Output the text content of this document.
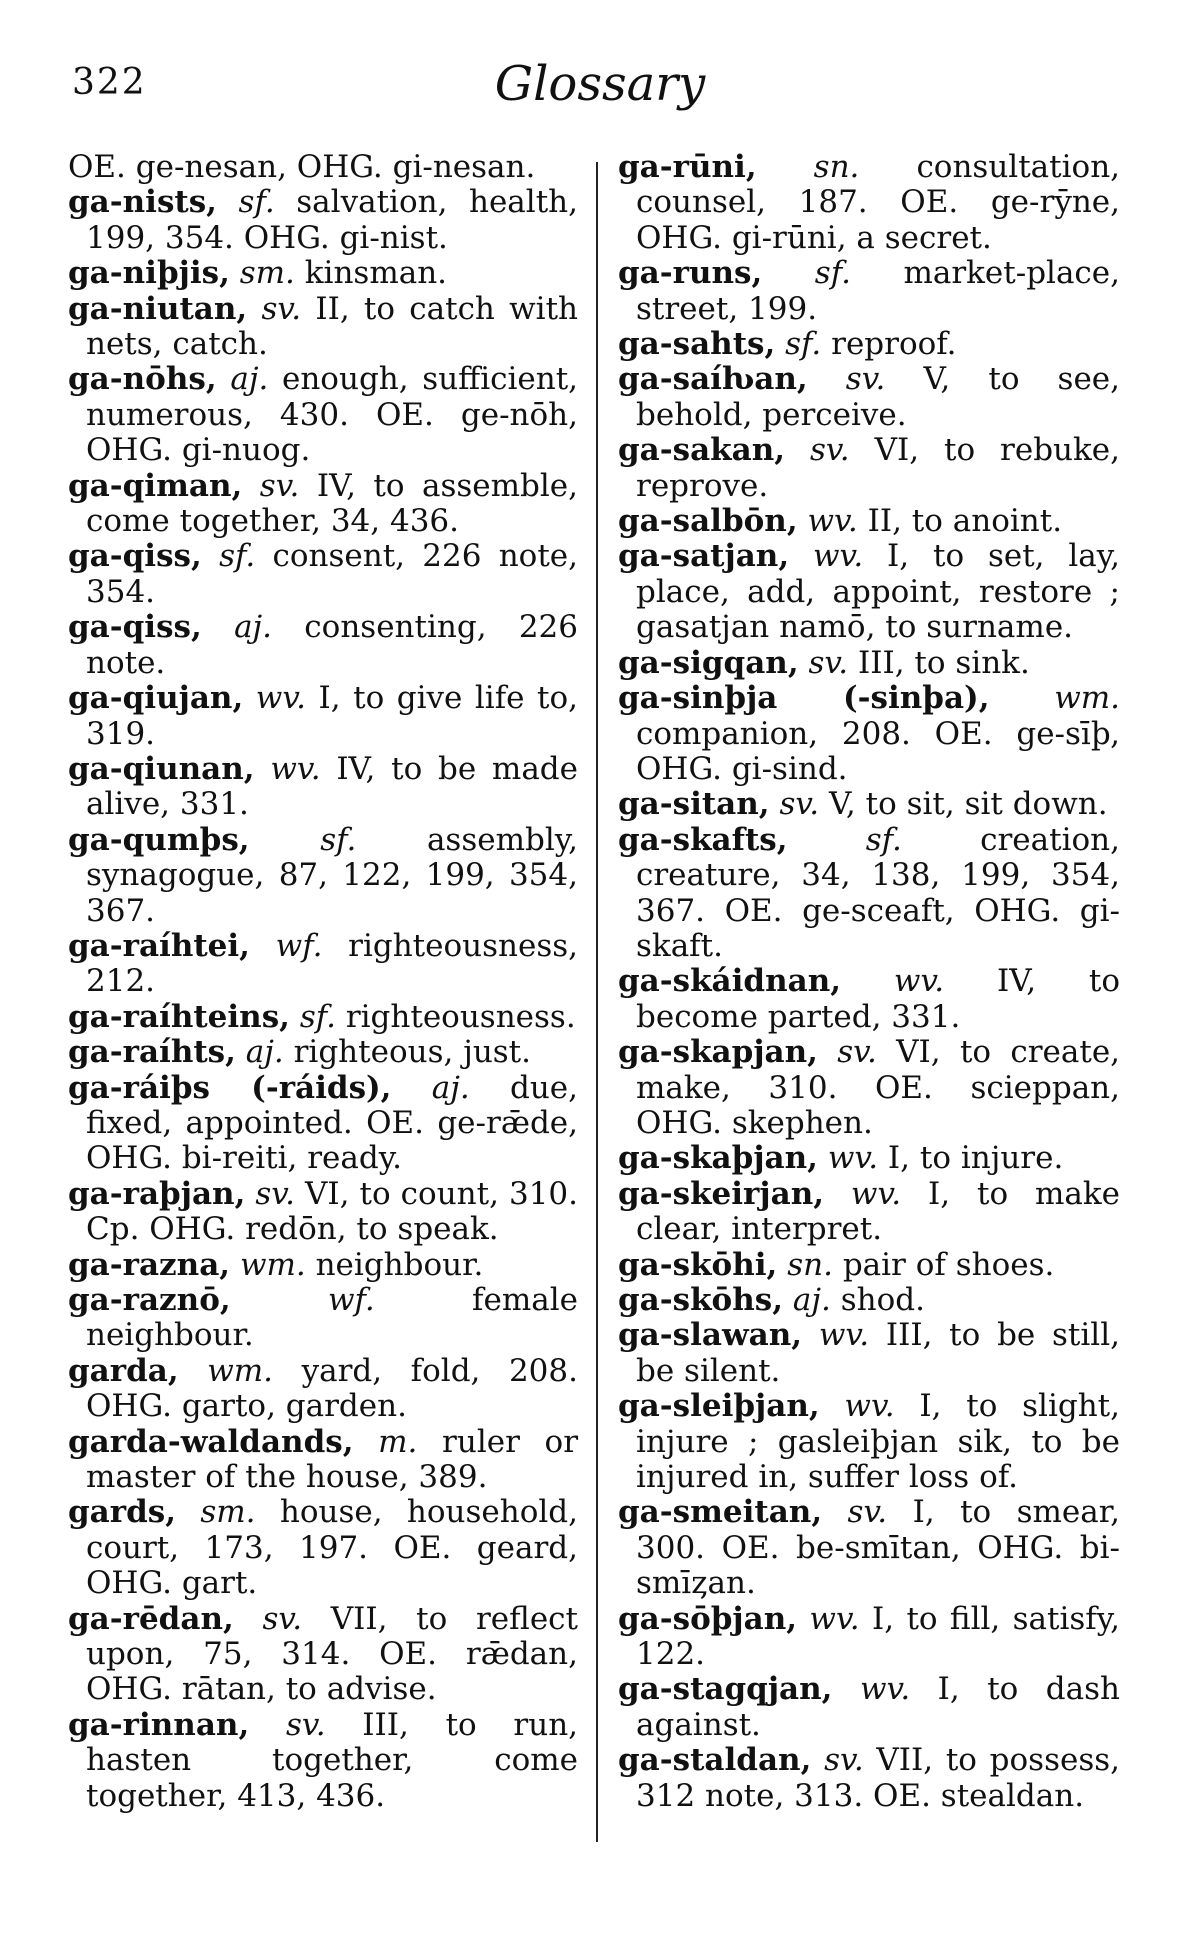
322	Glossary
OE. ge-nesan, OHG. gi-nesan.
ga-nists, sf. salvation, health, 199, 354. OHG. gi-nist.
ga-niþjis, sm. kinsman.
ga-niutan, sv. II, to catch with nets, catch.
ga-nōhs, aj. enough, sufficient, numerous, 430. OE. ge-nōh, OHG. gi-nuog.
ga-qiman, sv. IV, to assemble, come together, 34, 436.
ga-qiss, sf. consent, 226 note, 354.
ga-qiss, aj. consenting, 226 note.
ga-qiujan, wv. I, to give life to, 319.
ga-qiunan, wv. IV, to be made alive, 331.
ga-qumþs, sf. assembly, synagogue, 87, 122, 199, 354, 367.
ga-raíhtei, wf. righteousness, 212.
ga-raíhteins, sf. righteousness.
ga-raíhts, aj. righteous, just.
ga-ráiþs (-ráids), aj. due, fixed, appointed. OE. ge-rǣde, OHG. bi-reiti, ready.
ga-raþjan, sv. VI, to count, 310. Cp. OHG. redōn, to speak.
ga-razna, wm. neighbour.
ga-raznō,	wf.	female neighbour.
garda, wm. yard, fold, 208. OHG. garto, garden.
garda-waldands, m. ruler or master of the house, 389.
gards, sm. house, household, court, 173, 197. OE. geard, OHG. gart.
ga-rēdan, sv. VII, to reflect upon, 75, 314. OE. rǣdan, OHG. rātan, to advise.
ga-rinnan, sv. III, to run, hasten together, come together, 413, 436.
ga-rūni, sn. consultation, counsel, 187. OE. ge-rȳne, OHG. gi-rūni, a secret.
ga-runs, sf. market-place, street, 199.
ga-sahts, sf. reproof.
ga-saíƕan, sv. V, to see, behold, perceive.
ga-sakan, sv. VI, to rebuke, reprove.
ga-salbōn, wv. II, to anoint.
ga-satjan, wv. I, to set, lay, place, add, appoint, restore ; gasatjan namō, to surname.
ga-sigqan, sv. III, to sink.
ga-sinþja (-sinþa), wm. companion, 208. OE. ge-sīþ, OHG. gi-sind.
ga-sitan, sv. V, to sit, sit down.
ga-skafts,	sf.	creation, creature, 34, 138, 199, 354, 367. OE. ge-sceaft, OHG. gi-skaft.
ga-skáidnan, wv. IV, to become parted, 331.
ga-skapjan, sv. VI, to create, make, 310. OE. scieppan, OHG. skephen.
ga-skaþjan, wv. I, to injure.
ga-skeirjan, wv. I, to make clear, interpret.
ga-skōhi, sn. pair of shoes.
ga-skōhs, aj. shod.
ga-slawan, wv. III, to be still, be silent.
ga-sleiþjan, wv. I, to slight, injure ; gasleiþjan sik, to be injured in, suffer loss of.
ga-smeitan, sv. I, to smear, 300. OE. be-smītan, OHG. bi-smīȥan.
ga-sōþjan, wv. I, to fill, satisfy, 122.
ga-stagqjan, wv. I, to dash against.
ga-staldan, sv. VII, to possess, 312 note, 313. OE. stealdan.
